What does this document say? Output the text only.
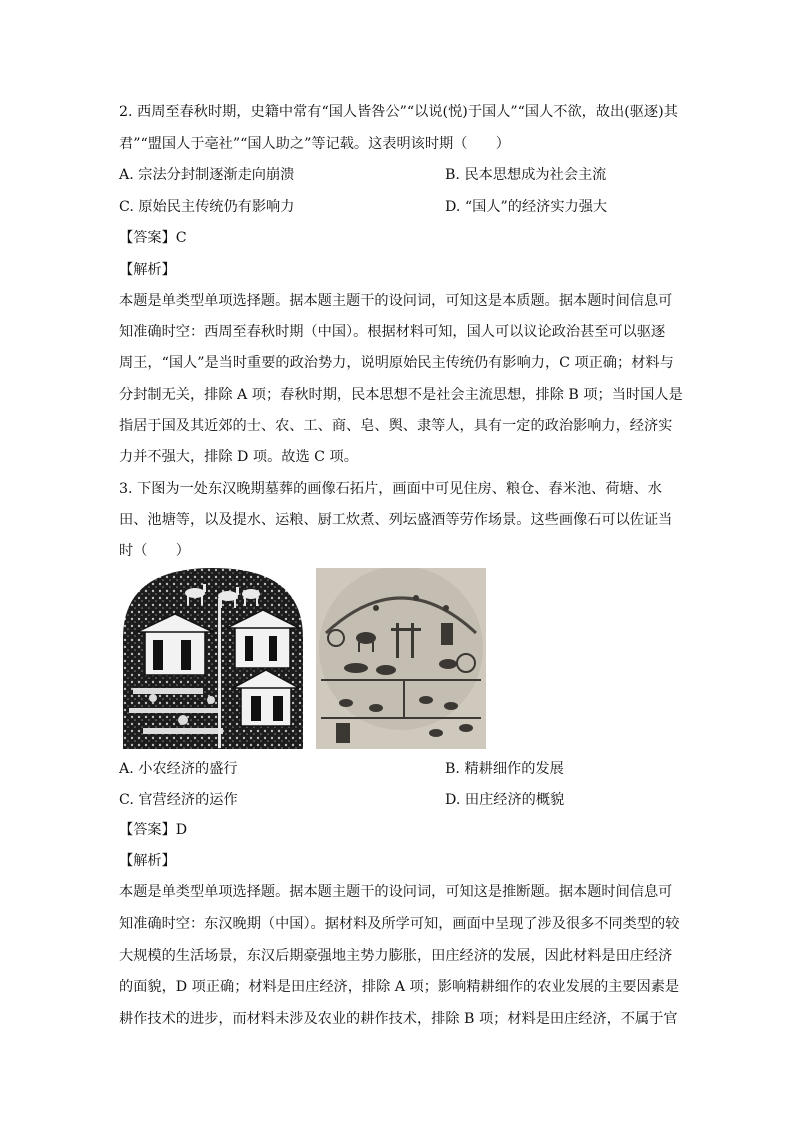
2. 西周至春秋时期，史籍中常有“国人皆咎公”“以说(悦)于国人”“国人不欲，故出(驱逐)其
君”“盟国人于亳社”“国人助之”等记载。这表明该时期（　　）
A. 宗法分封制逐渐走向崩溃	B. 民本思想成为社会主流
C. 原始民主传统仍有影响力	D. “国人”的经济实力强大
【答案】C
【解析】
本题是单类型单项选择题。据本题主题干的设问词，可知这是本质题。据本题时间信息可
知准确时空：西周至春秋时期（中国）。根据材料可知，国人可以议论政治甚至可以驱逐
周王，“国人”是当时重要的政治势力，说明原始民主传统仍有影响力，C 项正确；材料与
分封制无关，排除 A 项；春秋时期，民本思想不是社会主流思想，排除 B 项；当时国人是
指居于国及其近郊的士、农、工、商、皂、舆、隶等人，具有一定的政治影响力，经济实
力并不强大，排除 D 项。故选 C 项。
3. 下图为一处东汉晚期墓葬的画像石拓片，画面中可见住房、粮仓、舂米池、荷塘、水
田、池塘等，以及提水、运粮、厨工炊煮、列坛盛酒等劳作场景。这些画像石可以佐证当
时（　　）
A. 小农经济的盛行	B. 精耕细作的发展
C. 官营经济的运作	D. 田庄经济的概貌
【答案】D
【解析】
本题是单类型单项选择题。据本题主题干的设问词，可知这是推断题。据本题时间信息可
知准确时空：东汉晚期（中国）。据材料及所学可知，画面中呈现了涉及很多不同类型的较
大规模的生活场景，东汉后期豪强地主势力膨胀，田庄经济的发展，因此材料是田庄经济
的面貌，D 项正确；材料是田庄经济，排除 A 项；影响精耕细作的农业发展的主要因素是
耕作技术的进步，而材料未涉及农业的耕作技术，排除 B 项；材料是田庄经济，不属于官
